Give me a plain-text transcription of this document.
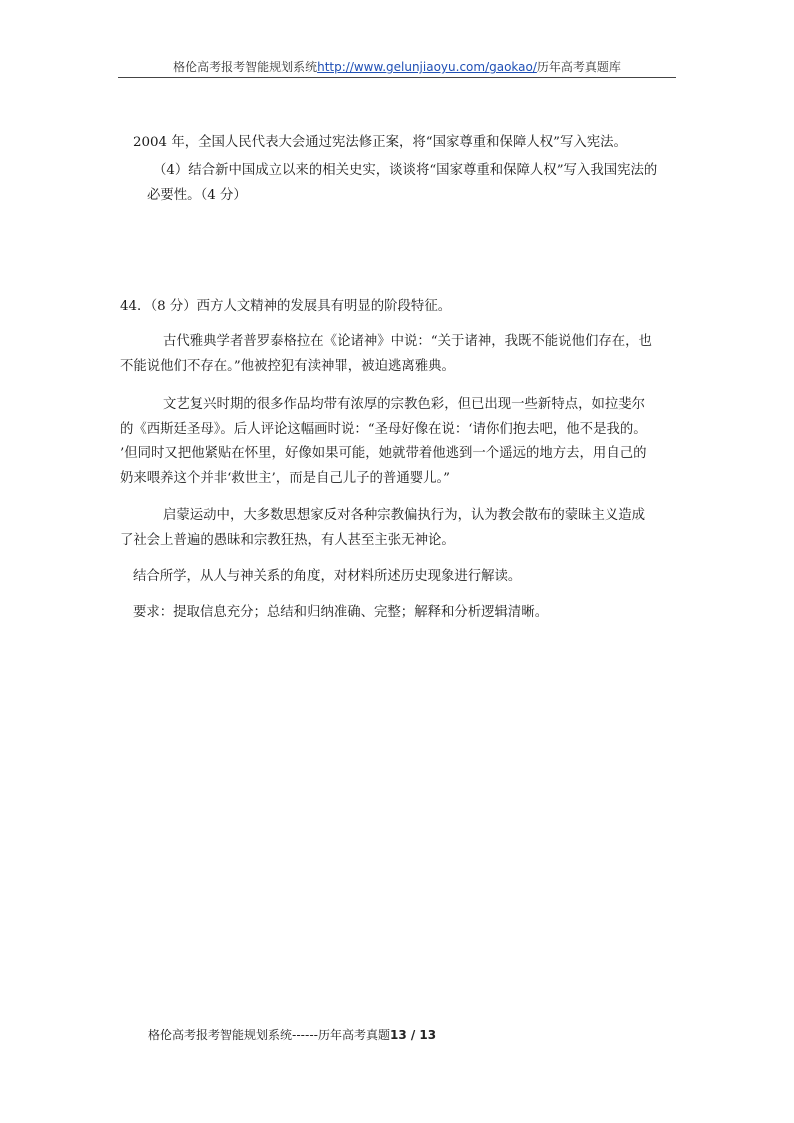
格伦高考报考智能规划系统http://www.gelunjiaoyu.com/gaokao/历年高考真题库
2004 年，全国人民代表大会通过宪法修正案，将“国家尊重和保障人权”写入宪法。
（4）结合新中国成立以来的相关史实，谈谈将“国家尊重和保障人权”写入我国宪法的
必要性。（4 分）
44．（8 分）西方人文精神的发展具有明显的阶段特征。
古代雅典学者普罗泰格拉在《论诸神》中说：“关于诸神，我既不能说他们存在，也
不能说他们不存在。”他被控犯有渎神罪，被迫逃离雅典。
文艺复兴时期的很多作品均带有浓厚的宗教色彩，但已出现一些新特点，如拉斐尔
的《西斯廷圣母》。后人评论这幅画时说：“圣母好像在说：‘请你们抱去吧，他不是我的。
’但同时又把他紧贴在怀里，好像如果可能，她就带着他逃到一个遥远的地方去，用自己的
奶来喂养这个并非‘救世主’，而是自己儿子的普通婴儿。”
启蒙运动中，大多数思想家反对各种宗教偏执行为，认为教会散布的蒙昧主义造成
了社会上普遍的愚昧和宗教狂热，有人甚至主张无神论。
结合所学，从人与神关系的角度，对材料所述历史现象进行解读。
要求：提取信息充分；总结和归纳准确、完整；解释和分析逻辑清晰。
格伦高考报考智能规划系统------历年高考真题13 / 13
